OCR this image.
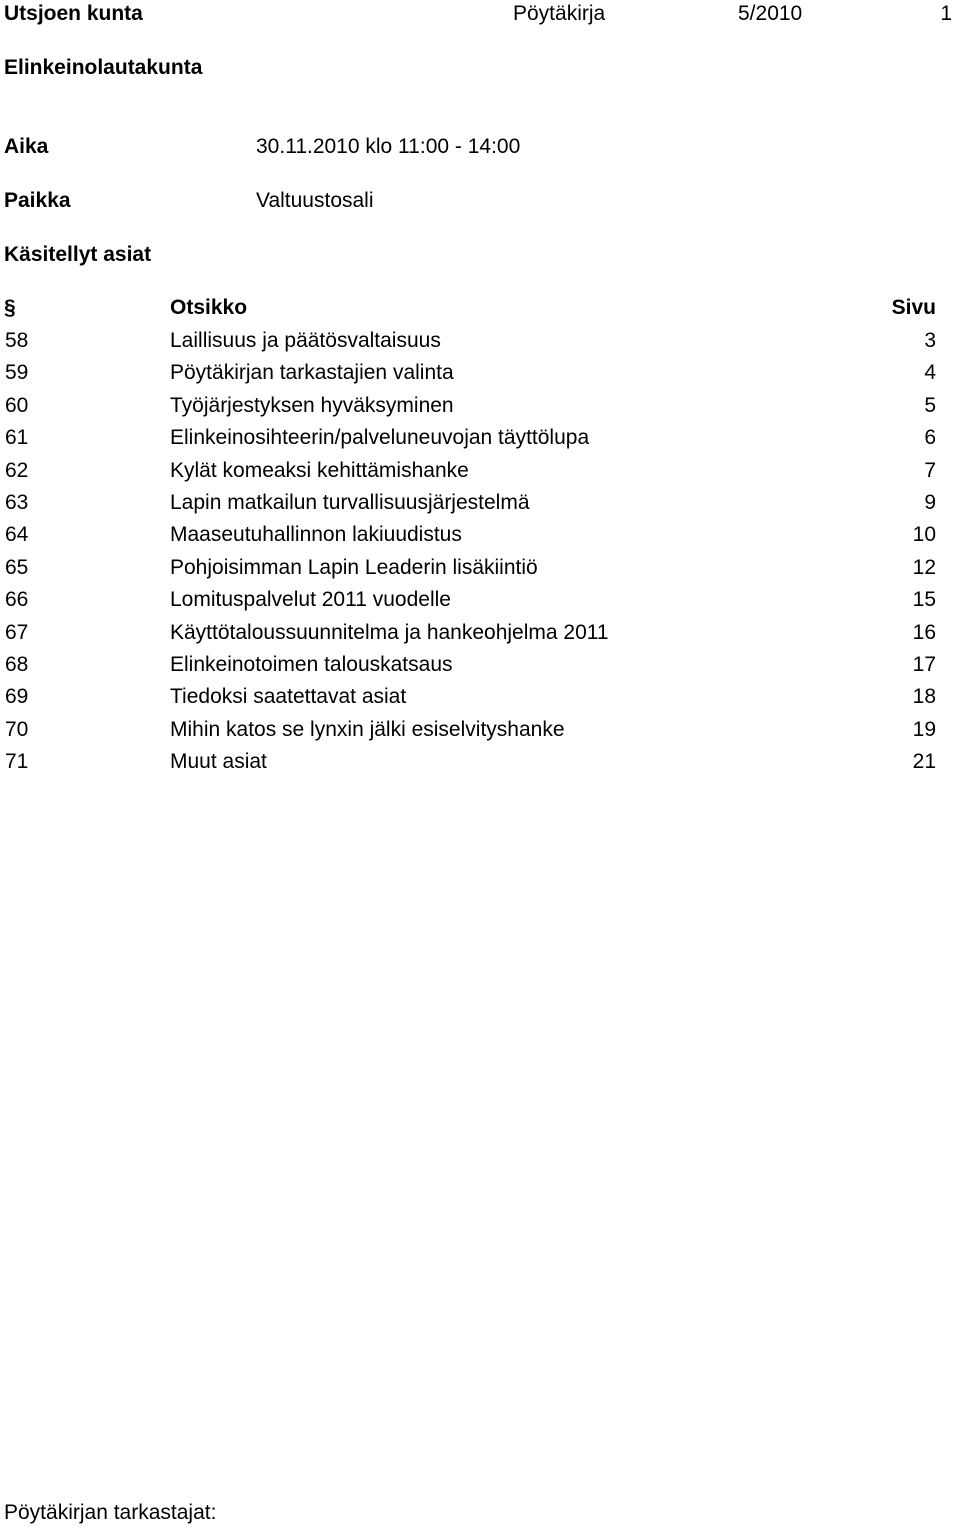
Utsjoen kunta	Pöytäkirja	5/2010	1
Elinkeinolautakunta
Aika	30.11.2010 klo 11:00 - 14:00
Paikka	Valtuustosali
Käsitellyt asiat
§	Otsikko	Sivu
58	Laillisuus ja päätösvaltaisuus	3
59	Pöytäkirjan tarkastajien valinta	4
60	Työjärjestyksen hyväksyminen	5
61	Elinkeinosihteerin/palveluneuvojan täyttölupa	6
62	Kylät komeaksi kehittämishanke	7
63	Lapin matkailun turvallisuusjärjestelmä	9
64	Maaseutuhallinnon lakiuudistus	10
65	Pohjoisimman Lapin Leaderin lisäkiintiö	12
66	Lomituspalvelut 2011 vuodelle	15
67	Käyttötaloussuunnitelma ja hankeohjelma 2011	16
68	Elinkeinotoimen talouskatsaus	17
69	Tiedoksi saatettavat asiat	18
70	Mihin katos se lynxin jälki esiselvityshanke	19
71	Muut asiat	21
Pöytäkirjan tarkastajat:
